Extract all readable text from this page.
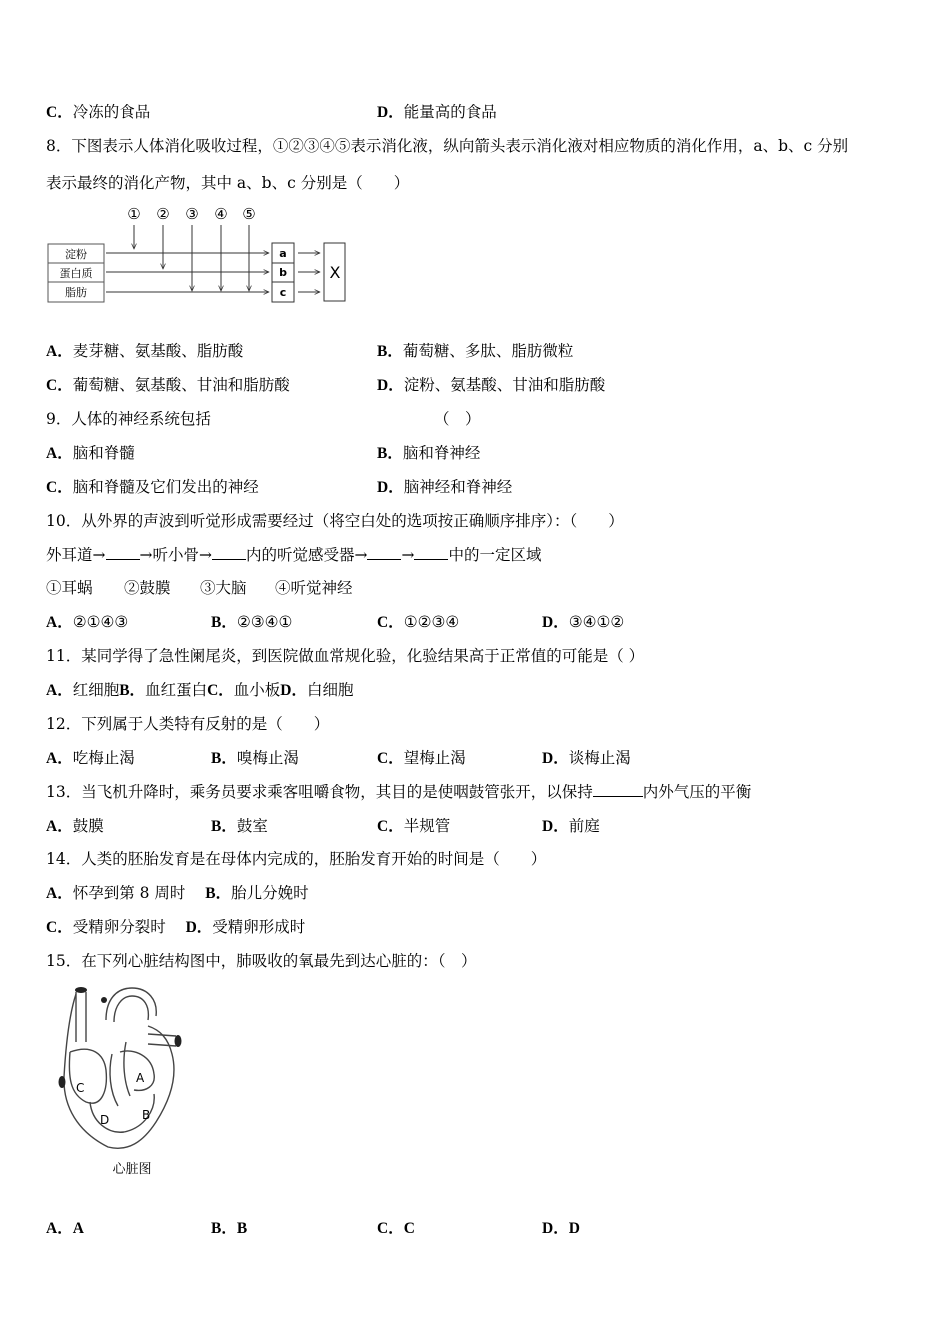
C．冷冻的食品	D．能量高的食品
8．下图表示人体消化吸收过程，①②③④⑤表示消化液，纵向箭头表示消化液对相应物质的消化作用，a、b、c 分别
表示最终的消化产物，其中 a、b、c 分别是（　　）
① ② ③ ④ ⑤
淀粉
蛋白质
脂肪
a
b
c
X
A．麦芽糖、氨基酸、脂肪酸	B．葡萄糖、多肽、脂肪微粒
C．葡萄糖、氨基酸、甘油和脂肪酸	D．淀粉、氨基酸、甘油和脂肪酸
9．人体的神经系统包括	（　）
A．脑和脊髓	B．脑和脊神经
C．脑和脊髓及它们发出的神经	D．脑神经和脊神经
10．从外界的声波到听觉形成需要经过（将空白处的选项按正确顺序排序）：（　　）
外耳道→ →听小骨→ 内的听觉感受器→ → 中的一定区域
①耳蜗 ②鼓膜 ③大脑 ④听觉神经
A．②①④③	B．②③④①	C．①②③④	D．③④①②
11．某同学得了急性阑尾炎，到医院做血常规化验，化验结果高于正常值的可能是（ ）
A．红细胞B．血红蛋白C．血小板D．白细胞
12．下列属于人类特有反射的是（　　）
A．吃梅止渴	B．嗅梅止渴	C．望梅止渴	D．谈梅止渴
13．当飞机升降时，乘务员要求乘客咀嚼食物，其目的是使咽鼓管张开，以保持	内外气压的平衡
A．鼓膜	B．鼓室	C．半规管	D．前庭
14．人类的胚胎发育是在母体内完成的，胚胎发育开始的时间是（　　）
A．怀孕到第 8 周时 B．胎儿分娩时
C．受精卵分裂时 D．受精卵形成时
15．在下列心脏结构图中，肺吸收的氧最先到达心脏的：（　）
A
B
C
D
心脏图
A．A	B．B	C．C	D．D
